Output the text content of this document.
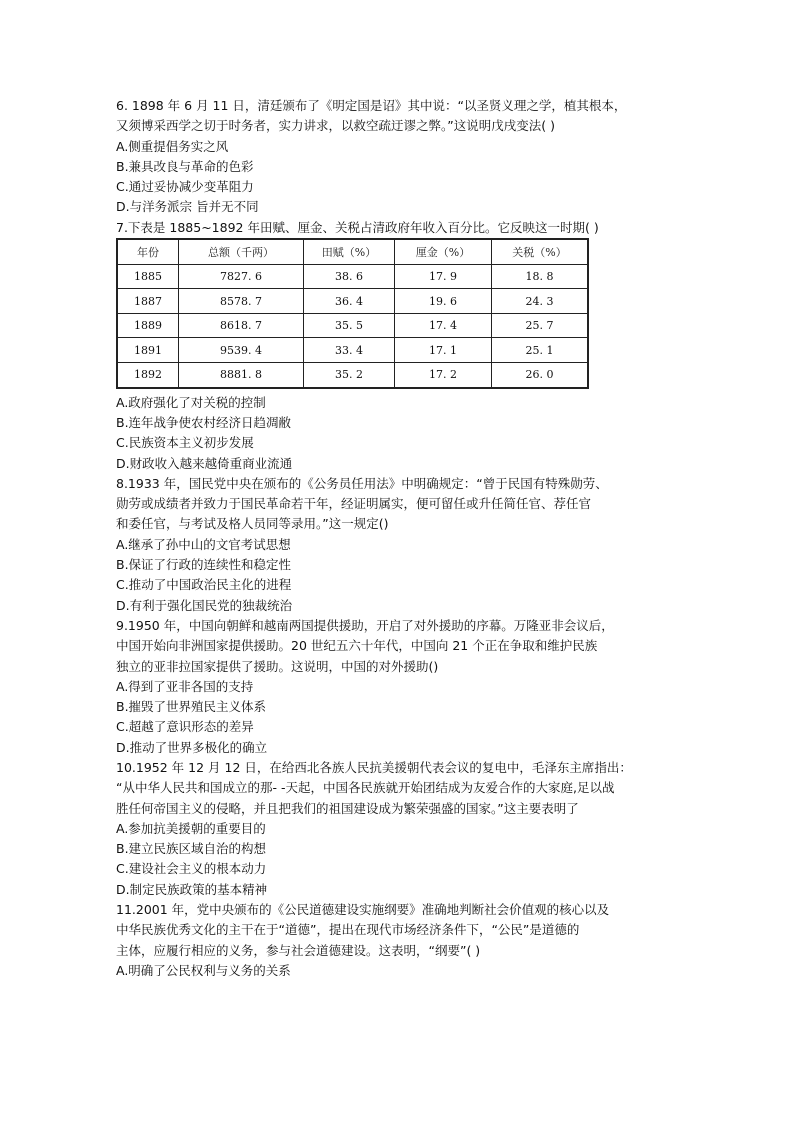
6. 1898 年 6 月 11 日，清廷颁布了《明定国是诏》其中说：“以圣贤义理之学，植其根本，
又须博采西学之切于时务者，实力讲求，以救空疏迂谬之弊。”这说明戊戌变法( )
A.侧重提倡务实之风
B.兼具改良与革命的色彩
C.通过妥协减少变革阻力
D.与洋务派宗 旨并无不同
7.下表是 1885~1892 年田赋、厘金、关税占清政府年收入百分比。它反映这一时期( )
年份	总额（千两）	田赋（%）	厘金（%）	关税（%）
1885	7827. 6	38. 6	17. 9	18. 8
1887	8578. 7	36. 4	19. 6	24. 3
1889	8618. 7	35. 5	17. 4	25. 7
1891	9539. 4	33. 4	17. 1	25. 1
1892	8881. 8	35. 2	17. 2	26. 0
A.政府强化了对关税的控制
B.连年战争使农村经济日趋凋敝
C.民族资本主义初步发展
D.财政收入越来越倚重商业流通
8.1933 年，国民党中央在颁布的《公务员任用法》中明确规定：“曾于民国有特殊勋劳、
勋劳或成绩者并致力于国民革命若干年，经证明属实，便可留任或升任简任官、荐任官
和委任官，与考试及格人员同等录用。”这一规定()
A.继承了孙中山的文官考试思想
B.保证了行政的连续性和稳定性
C.推动了中国政治民主化的进程
D.有利于强化国民党的独裁统治
9.1950 年，中国向朝鲜和越南两国提供援助，开启了对外援助的序幕。万隆亚非会议后，
中国开始向非洲国家提供援助。20 世纪五六十年代，中国向 21 个正在争取和维护民族
独立的亚非拉国家提供了援助。这说明，中国的对外援助()
A.得到了亚非各国的支持
B.摧毁了世界殖民主义体系
C.超越了意识形态的差异
D.推动了世界多极化的确立
10.1952 年 12 月 12 日，在给西北各族人民抗美援朝代表会议的复电中，毛泽东主席指出：
“从中华人民共和国成立的那- -天起，中国各民族就开始团结成为友爱合作的大家庭,足以战
胜任何帝国主义的侵略，并且把我们的祖国建设成为繁荣强盛的国家。”这主要表明了
A.参加抗美援朝的重要目的
B.建立民族区域自治的构想
C.建设社会主义的根本动力
D.制定民族政策的基本精神
11.2001 年，党中央颁布的《公民道德建设实施纲要》准确地判断社会价值观的核心以及
中华民族优秀文化的主干在于“道德”，提出在现代市场经济条件下，“公民”是道德的
主体，应履行相应的义务，参与社会道德建设。这表明，“纲要”( )
A.明确了公民权利与义务的关系
